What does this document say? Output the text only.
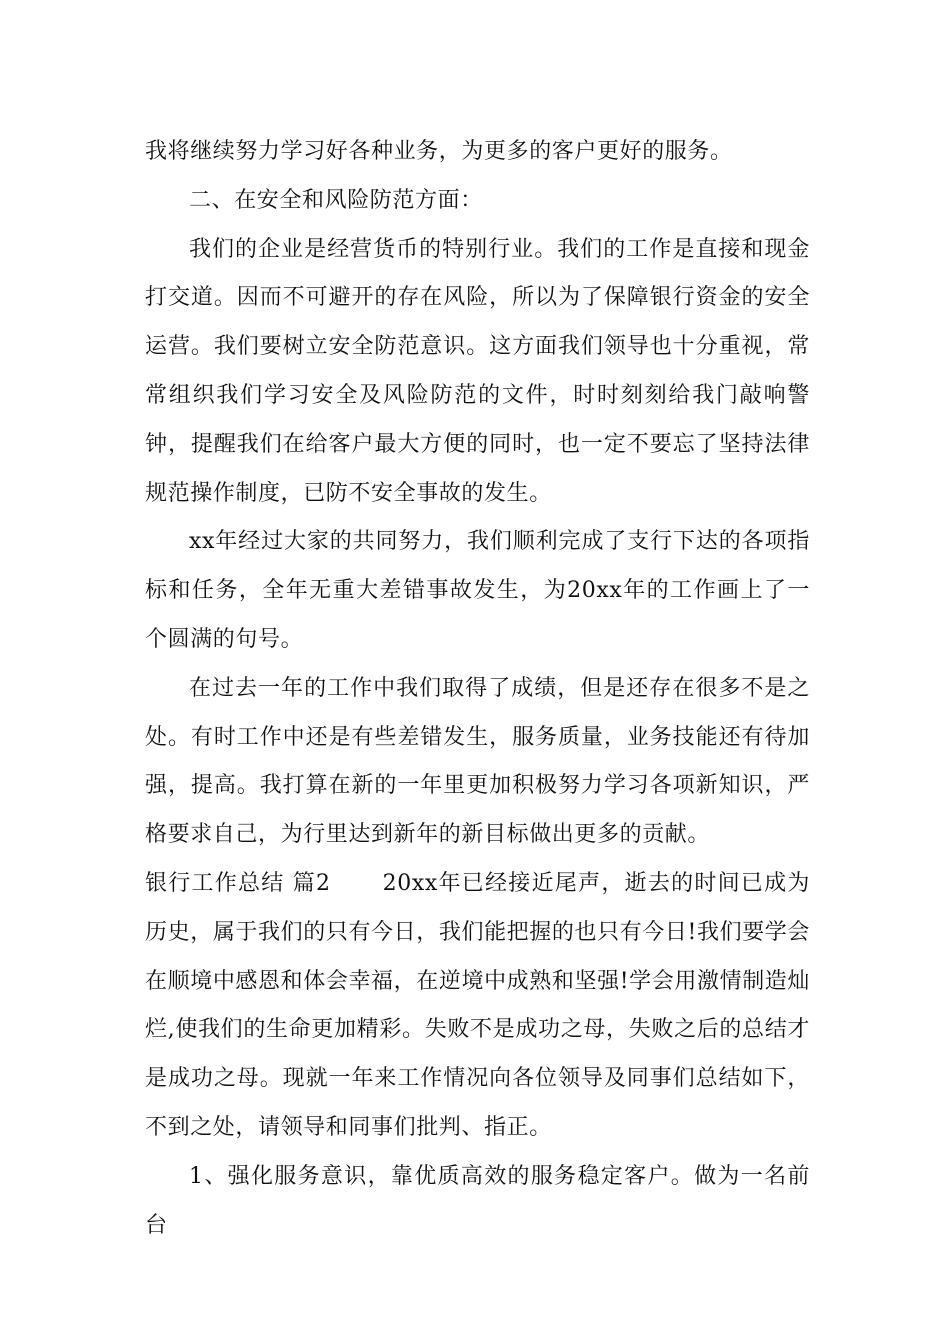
我将继续努力学习好各种业务，为更多的客户更好的服务。

二、在安全和风险防范方面：

我们的企业是经营货币的特别行业。我们的工作是直接和现金打交道。因而不可避开的存在风险，所以为了保障银行资金的安全运营。我们要树立安全防范意识。这方面我们领导也十分重视，常常组织我们学习安全及风险防范的文件，时时刻刻给我门敲响警钟，提醒我们在给客户最大方便的同时，也一定不要忘了坚持法律规范操作制度，已防不安全事故的发生。

xx年经过大家的共同努力，我们顺利完成了支行下达的各项指标和任务，全年无重大差错事故发生，为20xx年的工作画上了一个圆满的句号。

在过去一年的工作中我们取得了成绩，但是还存在很多不是之处。有时工作中还是有些差错发生，服务质量，业务技能还有待加强，提高。我打算在新的一年里更加积极努力学习各项新知识，严格要求自己，为行里达到新年的新目标做出更多的贡献。

银行工作总结 篇2 20xx年已经接近尾声，逝去的时间已成为历史，属于我们的只有今日，我们能把握的也只有今日!我们要学会在顺境中感恩和体会幸福，在逆境中成熟和坚强!学会用激情制造灿烂,使我们的生命更加精彩。失败不是成功之母，失败之后的总结才是成功之母。现就一年来工作情况向各位领导及同事们总结如下，不到之处，请领导和同事们批判、指正。

1、强化服务意识，靠优质高效的服务稳定客户。做为一名前台
